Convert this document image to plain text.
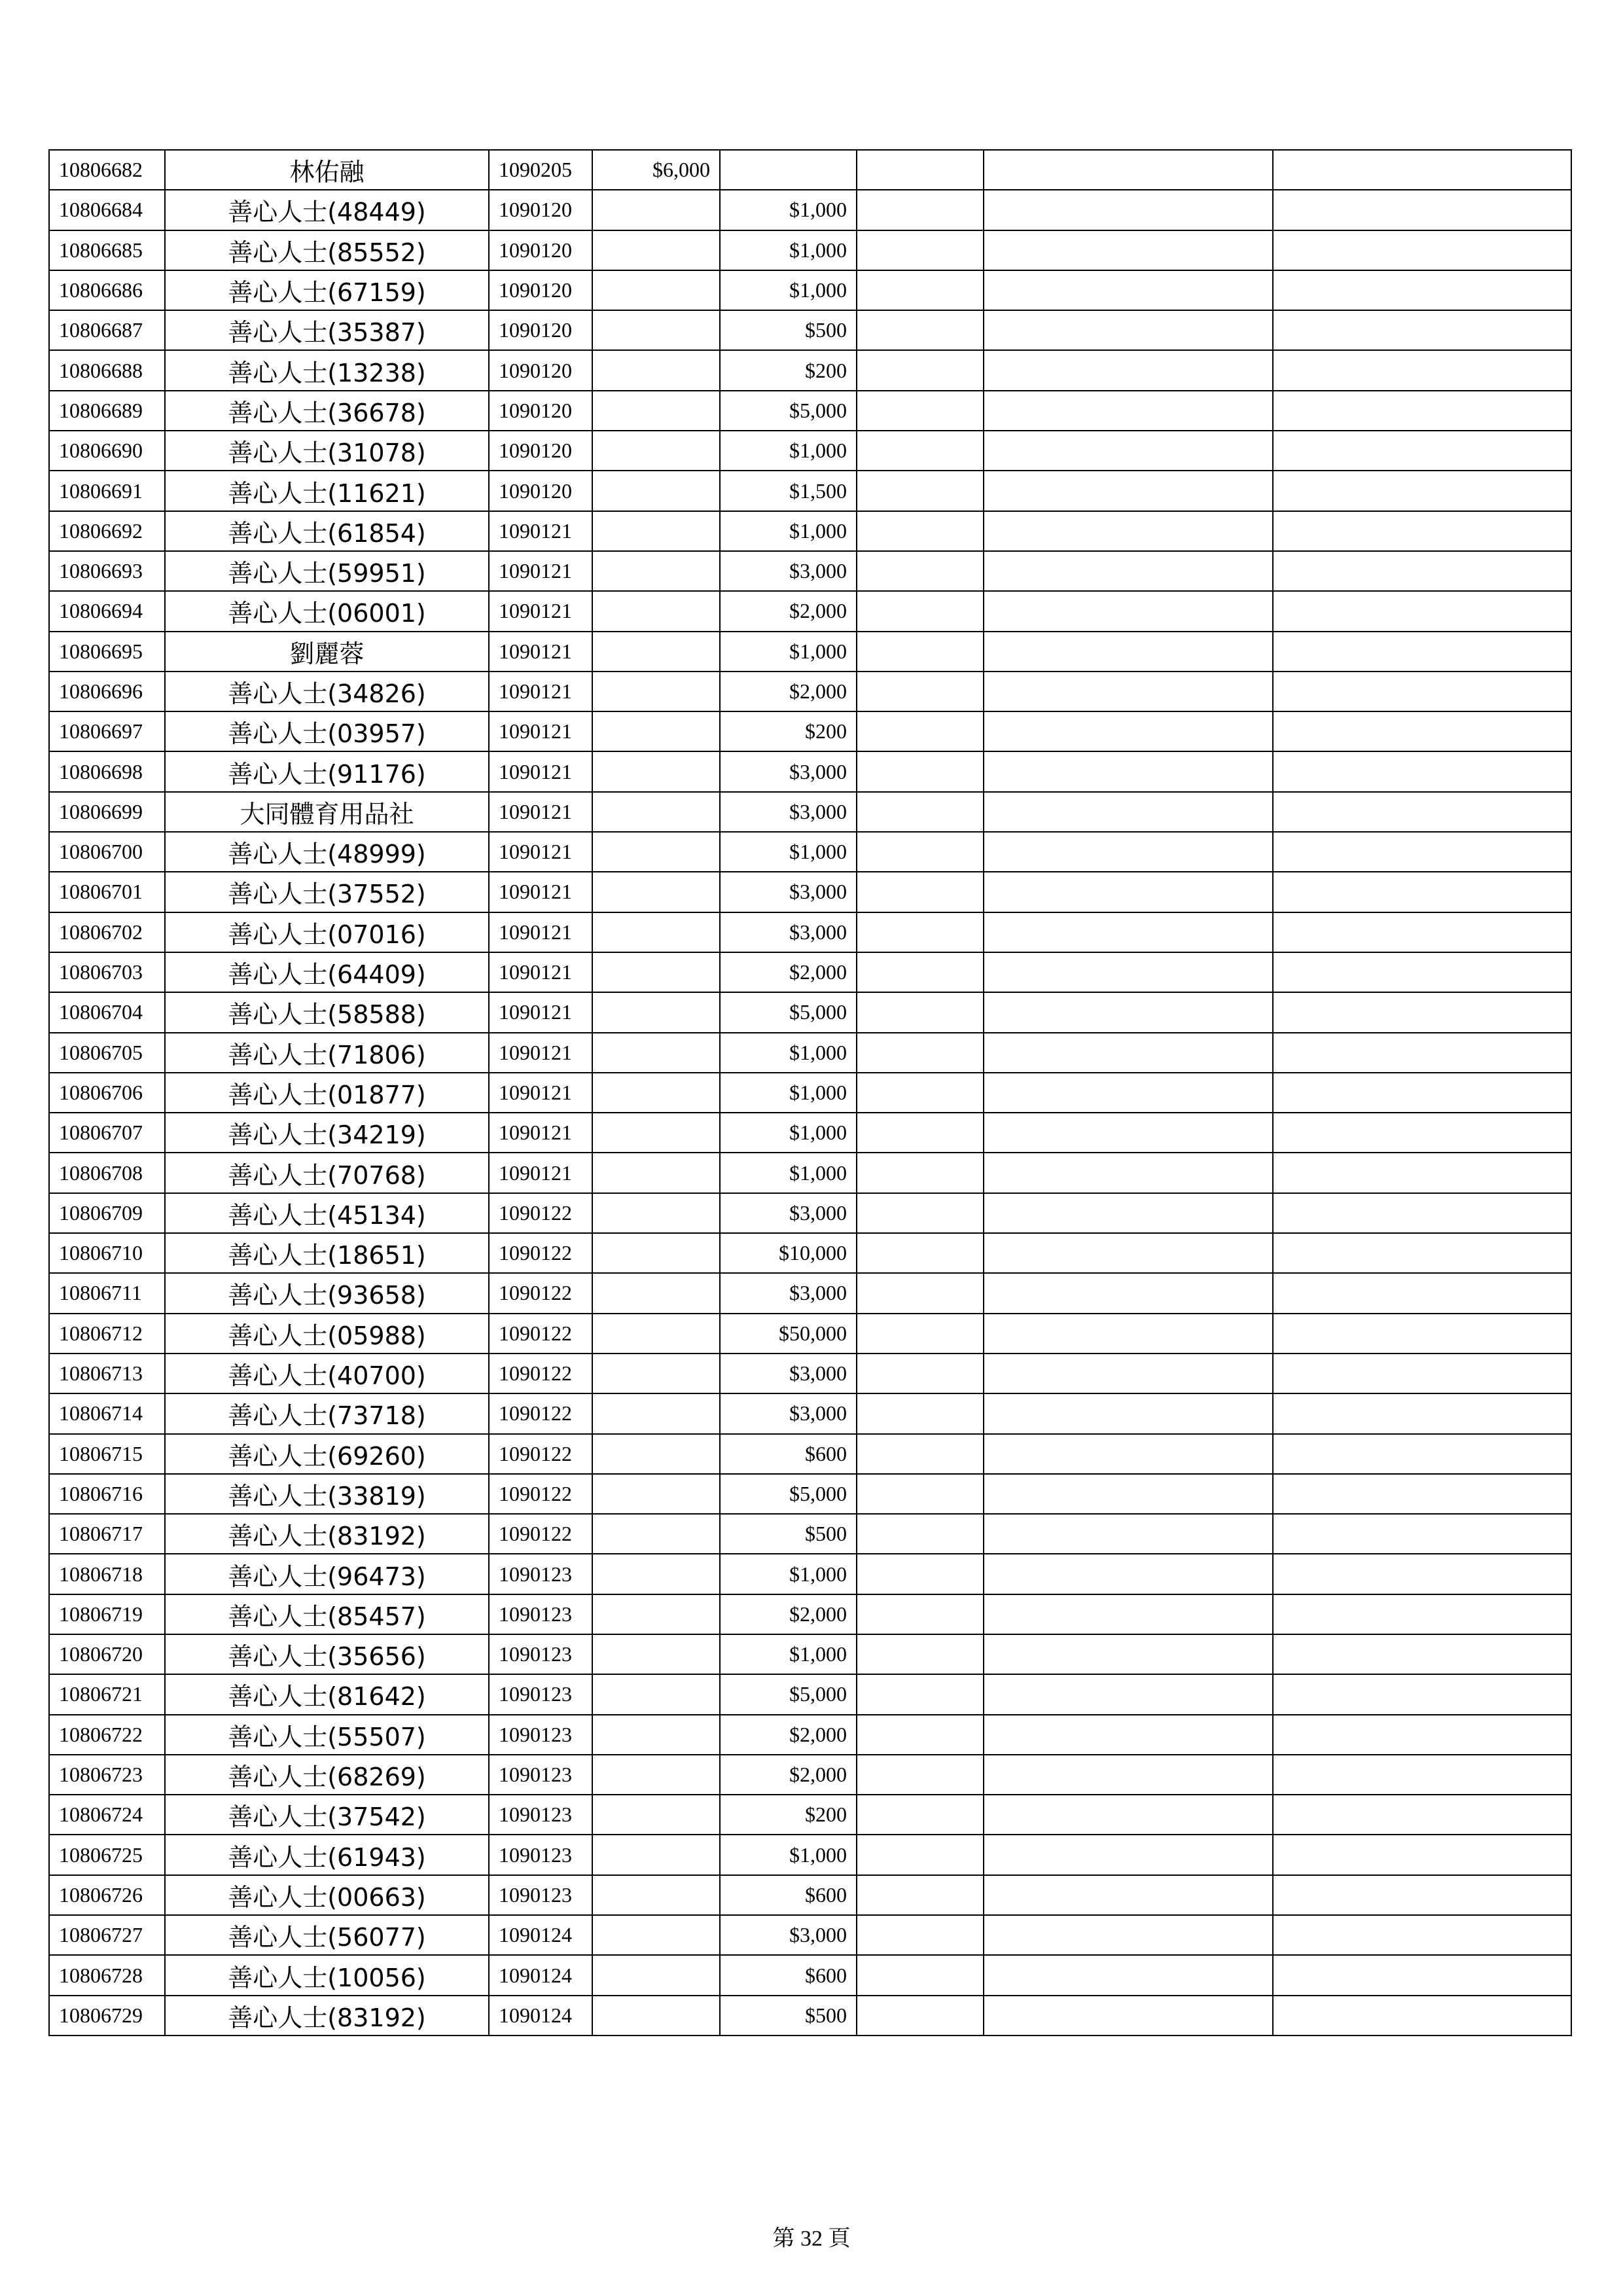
10806682	林佑融	1090205	$6,000				
10806684	善心人士(48449)	1090120		$1,000			
10806685	善心人士(85552)	1090120		$1,000			
10806686	善心人士(67159)	1090120		$1,000			
10806687	善心人士(35387)	1090120		$500			
10806688	善心人士(13238)	1090120		$200			
10806689	善心人士(36678)	1090120		$5,000			
10806690	善心人士(31078)	1090120		$1,000			
10806691	善心人士(11621)	1090120		$1,500			
10806692	善心人士(61854)	1090121		$1,000			
10806693	善心人士(59951)	1090121		$3,000			
10806694	善心人士(06001)	1090121		$2,000			
10806695	劉麗蓉	1090121		$1,000			
10806696	善心人士(34826)	1090121		$2,000			
10806697	善心人士(03957)	1090121		$200			
10806698	善心人士(91176)	1090121		$3,000			
10806699	大同體育用品社	1090121		$3,000			
10806700	善心人士(48999)	1090121		$1,000			
10806701	善心人士(37552)	1090121		$3,000			
10806702	善心人士(07016)	1090121		$3,000			
10806703	善心人士(64409)	1090121		$2,000			
10806704	善心人士(58588)	1090121		$5,000			
10806705	善心人士(71806)	1090121		$1,000			
10806706	善心人士(01877)	1090121		$1,000			
10806707	善心人士(34219)	1090121		$1,000			
10806708	善心人士(70768)	1090121		$1,000			
10806709	善心人士(45134)	1090122		$3,000			
10806710	善心人士(18651)	1090122		$10,000			
10806711	善心人士(93658)	1090122		$3,000			
10806712	善心人士(05988)	1090122		$50,000			
10806713	善心人士(40700)	1090122		$3,000			
10806714	善心人士(73718)	1090122		$3,000			
10806715	善心人士(69260)	1090122		$600			
10806716	善心人士(33819)	1090122		$5,000			
10806717	善心人士(83192)	1090122		$500			
10806718	善心人士(96473)	1090123		$1,000			
10806719	善心人士(85457)	1090123		$2,000			
10806720	善心人士(35656)	1090123		$1,000			
10806721	善心人士(81642)	1090123		$5,000			
10806722	善心人士(55507)	1090123		$2,000			
10806723	善心人士(68269)	1090123		$2,000			
10806724	善心人士(37542)	1090123		$200			
10806725	善心人士(61943)	1090123		$1,000			
10806726	善心人士(00663)	1090123		$600			
10806727	善心人士(56077)	1090124		$3,000			
10806728	善心人士(10056)	1090124		$600			
10806729	善心人士(83192)	1090124		$500			
第 32 頁
